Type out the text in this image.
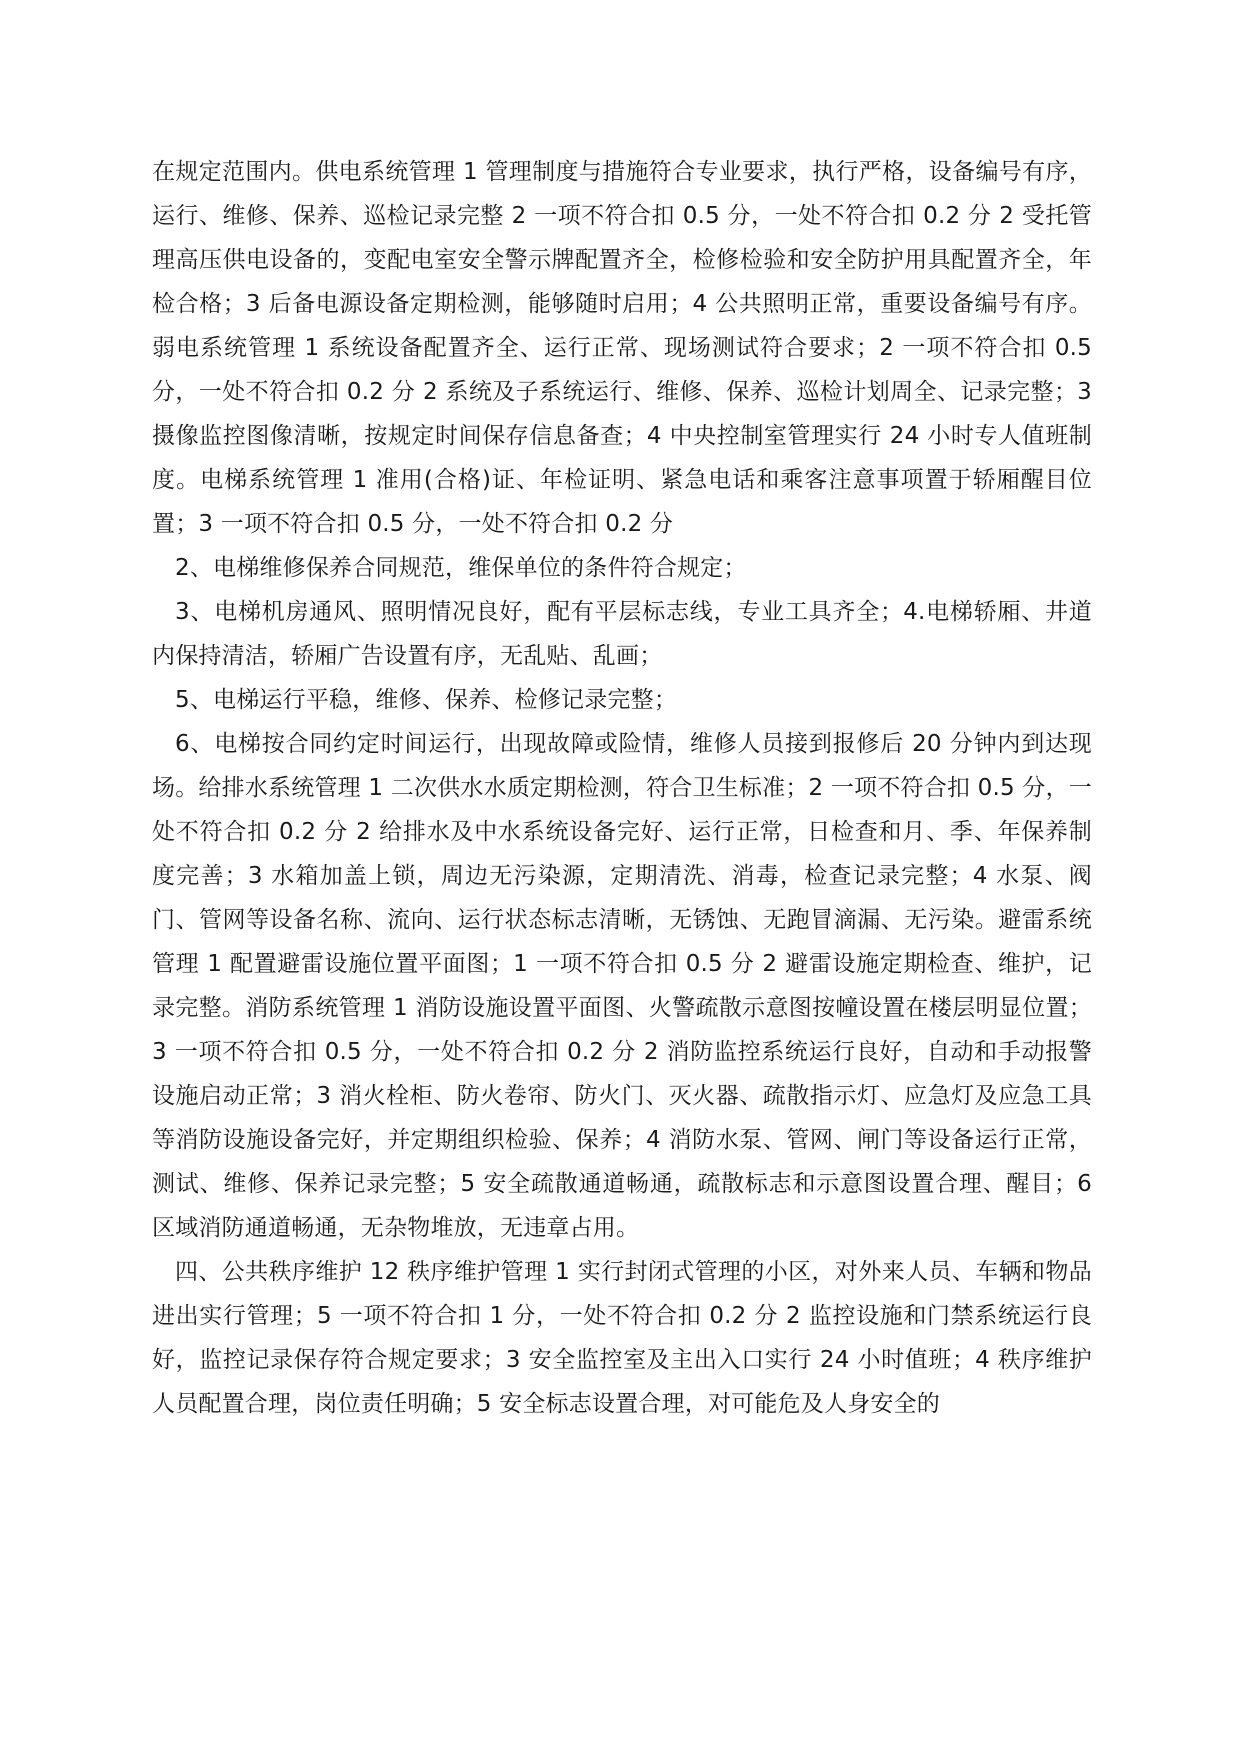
在规定范围内。供电系统管理 1 管理制度与措施符合专业要求，执行严格，设备编号有序，运行、维修、保养、巡检记录完整 2 一项不符合扣 0.5 分，一处不符合扣 0.2 分 2 受托管理高压供电设备的，变配电室安全警示牌配置齐全，检修检验和安全防护用具配置齐全，年检合格；3 后备电源设备定期检测，能够随时启用；4 公共照明正常，重要设备编号有序。弱电系统管理 1 系统设备配置齐全、运行正常、现场测试符合要求；2 一项不符合扣 0.5 分，一处不符合扣 0.2 分 2 系统及子系统运行、维修、保养、巡检计划周全、记录完整；3 摄像监控图像清晰，按规定时间保存信息备查；4 中央控制室管理实行 24 小时专人值班制度。电梯系统管理 1 准用(合格)证、年检证明、紧急电话和乘客注意事项置于轿厢醒目位置；3 一项不符合扣 0.5 分，一处不符合扣 0.2 分

2、电梯维修保养合同规范，维保单位的条件符合规定；

3、电梯机房通风、照明情况良好，配有平层标志线，专业工具齐全；4.电梯轿厢、井道内保持清洁，轿厢广告设置有序，无乱贴、乱画；

5、电梯运行平稳，维修、保养、检修记录完整；

6、电梯按合同约定时间运行，出现故障或险情，维修人员接到报修后 20 分钟内到达现场。给排水系统管理 1 二次供水水质定期检测，符合卫生标准；2 一项不符合扣 0.5 分，一处不符合扣 0.2 分 2 给排水及中水系统设备完好、运行正常，日检查和月、季、年保养制度完善；3 水箱加盖上锁，周边无污染源，定期清洗、消毒，检查记录完整；4 水泵、阀门、管网等设备名称、流向、运行状态标志清晰，无锈蚀、无跑冒滴漏、无污染。避雷系统管理 1 配置避雷设施位置平面图；1 一项不符合扣 0.5 分 2 避雷设施定期检查、维护，记录完整。消防系统管理 1 消防设施设置平面图、火警疏散示意图按幢设置在楼层明显位置；3 一项不符合扣 0.5 分，一处不符合扣 0.2 分 2 消防监控系统运行良好，自动和手动报警设施启动正常；3 消火栓柜、防火卷帘、防火门、灭火器、疏散指示灯、应急灯及应急工具等消防设施设备完好，并定期组织检验、保养；4 消防水泵、管网、闸门等设备运行正常，测试、维修、保养记录完整；5 安全疏散通道畅通，疏散标志和示意图设置合理、醒目；6 区域消防通道畅通，无杂物堆放，无违章占用。

四、公共秩序维护 12 秩序维护管理 1 实行封闭式管理的小区，对外来人员、车辆和物品进出实行管理；5 一项不符合扣 1 分，一处不符合扣 0.2 分 2 监控设施和门禁系统运行良好，监控记录保存符合规定要求；3 安全监控室及主出入口实行 24 小时值班；4 秩序维护人员配置合理，岗位责任明确；5 安全标志设置合理，对可能危及人身安全的
